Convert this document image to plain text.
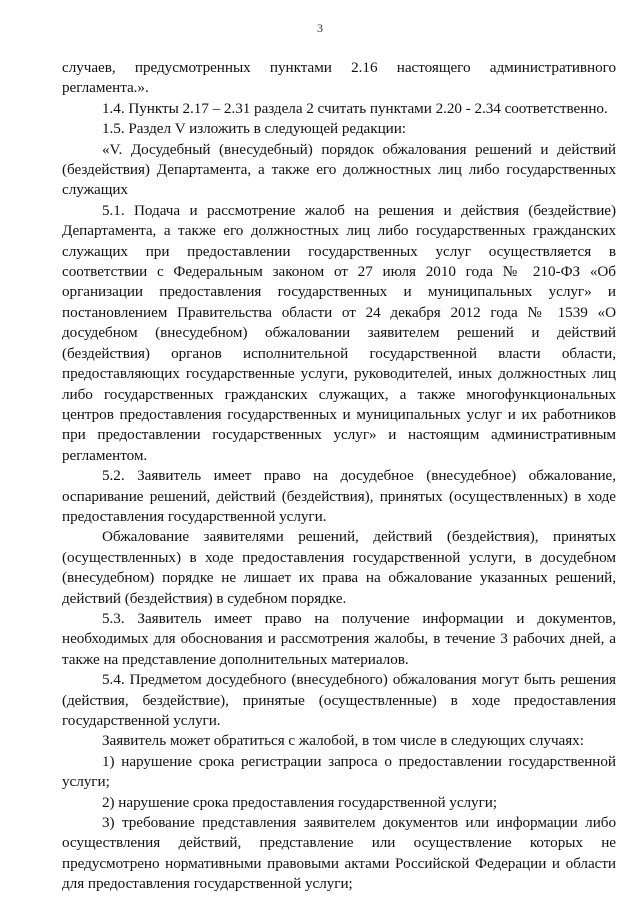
3

случаев, предусмотренных пунктами 2.16 настоящего административного регламента.».

1.4. Пункты 2.17 – 2.31 раздела 2 считать пунктами 2.20 - 2.34 соответственно.

1.5. Раздел V изложить в следующей редакции:

«V. Досудебный (внесудебный) порядок обжалования решений и действий (бездействия) Департамента, а также его должностных лиц либо государственных служащих

5.1. Подача и рассмотрение жалоб на решения и действия (бездействие) Департамента, а также его должностных лиц либо государственных гражданских служащих при предоставлении государственных услуг осуществляется в соответствии с Федеральным законом от 27 июля 2010 года № 210-ФЗ «Об организации предоставления государственных и муниципальных услуг» и постановлением Правительства области от 24 декабря 2012 года № 1539 «О досудебном (внесудебном) обжаловании заявителем решений и действий (бездействия) органов исполнительной государственной власти области, предоставляющих государственные услуги, руководителей, иных должностных лиц либо государственных гражданских служащих, а также многофункциональных центров предоставления государственных и муниципальных услуг и их работников при предоставлении государственных услуг» и настоящим административным регламентом.

5.2. Заявитель имеет право на досудебное (внесудебное) обжалование, оспаривание решений, действий (бездействия), принятых (осуществленных) в ходе предоставления государственной услуги.

Обжалование заявителями решений, действий (бездействия), принятых (осуществленных) в ходе предоставления государственной услуги, в досудебном (внесудебном) порядке не лишает их права на обжалование указанных решений, действий (бездействия) в судебном порядке.

5.3. Заявитель имеет право на получение информации и документов, необходимых для обоснования и рассмотрения жалобы, в течение 3 рабочих дней, а также на представление дополнительных материалов.

5.4. Предметом досудебного (внесудебного) обжалования могут быть решения (действия, бездействие), принятые (осуществленные) в ходе предоставления государственной услуги.

Заявитель может обратиться с жалобой, в том числе в следующих случаях:

1) нарушение срока регистрации запроса о предоставлении государственной услуги;

2) нарушение срока предоставления государственной услуги;

3) требование представления заявителем документов или информации либо осуществления действий, представление или осуществление которых не предусмотрено нормативными правовыми актами Российской Федерации и области для предоставления государственной услуги;
